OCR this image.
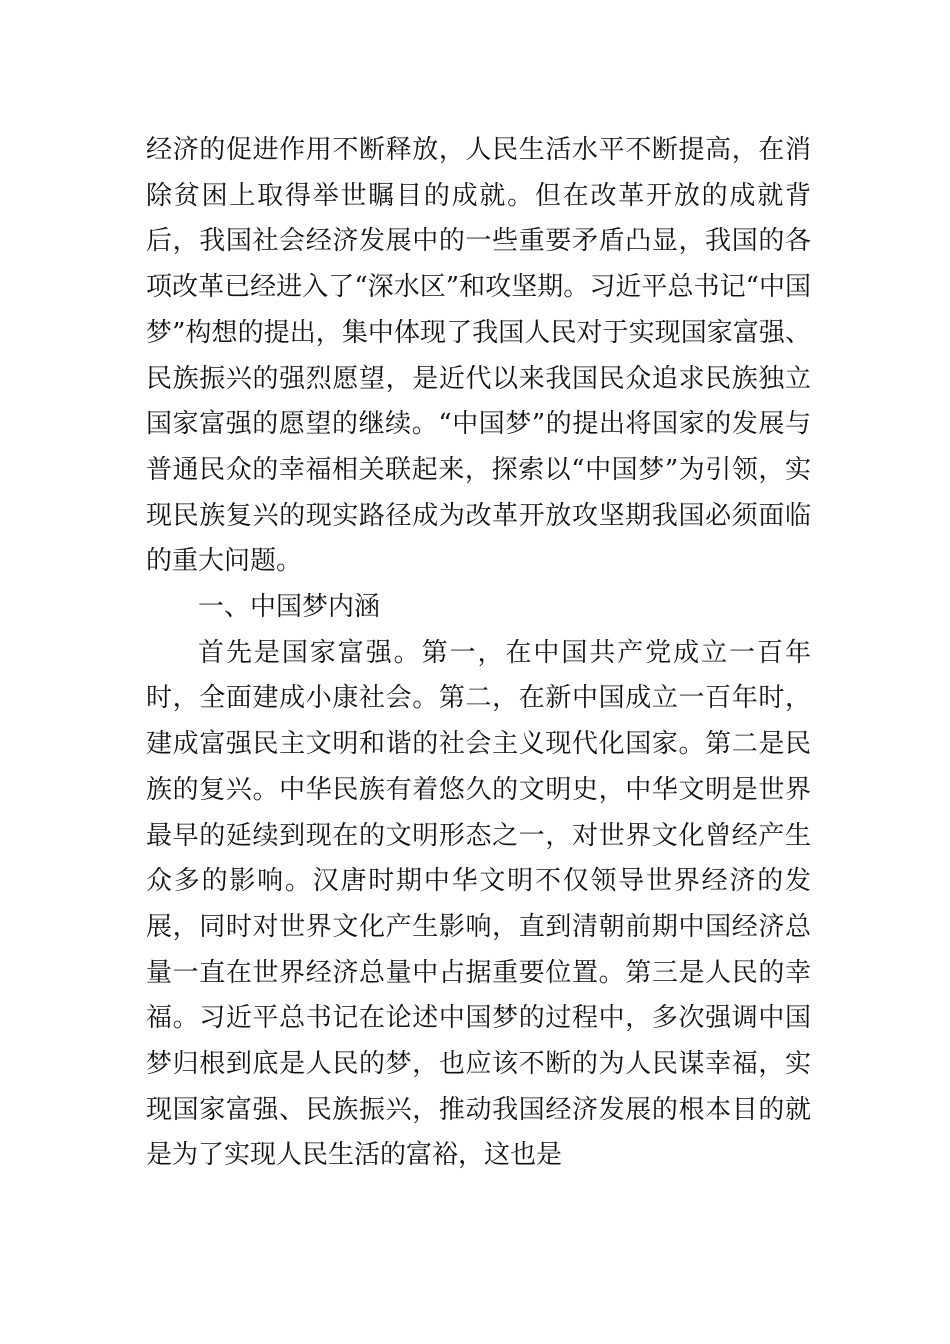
经济的促进作用不断释放，人民生活水平不断提高，在消除贫困上取得举世瞩目的成就。但在改革开放的成就背后，我国社会经济发展中的一些重要矛盾凸显，我国的各项改革已经进入了“深水区”和攻坚期。习近平总书记“中国梦”构想的提出，集中体现了我国人民对于实现国家富强、民族振兴的强烈愿望，是近代以来我国民众追求民族独立国家富强的愿望的继续。“中国梦”的提出将国家的发展与普通民众的幸福相关联起来，探索以“中国梦”为引领，实现民族复兴的现实路径成为改革开放攻坚期我国必须面临的重大问题。

一、中国梦内涵

首先是国家富强。第一，在中国共产党成立一百年时，全面建成小康社会。第二，在新中国成立一百年时，建成富强民主文明和谐的社会主义现代化国家。第二是民族的复兴。中华民族有着悠久的文明史，中华文明是世界最早的延续到现在的文明形态之一，对世界文化曾经产生众多的影响。汉唐时期中华文明不仅领导世界经济的发展，同时对世界文化产生影响，直到清朝前期中国经济总量一直在世界经济总量中占据重要位置。第三是人民的幸福。习近平总书记在论述中国梦的过程中，多次强调中国梦归根到底是人民的梦，也应该不断的为人民谋幸福，实现国家富强、民族振兴，推动我国经济发展的根本目的就是为了实现人民生活的富裕，这也是
